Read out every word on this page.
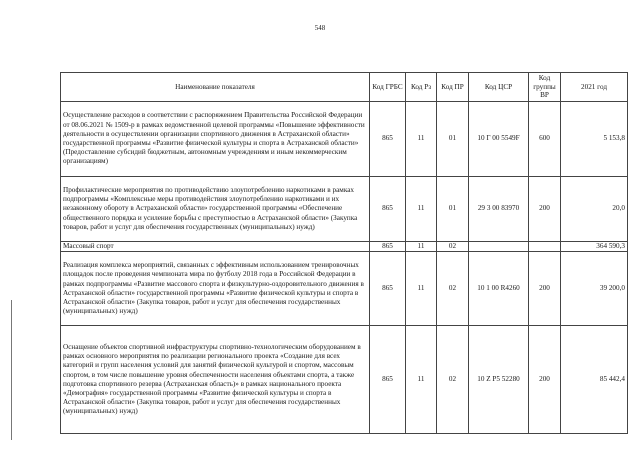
548
Наименование показателя	Код ГРБС	Код Рз	Код ПР	Код ЦСР	Код группы ВР	2021 год
Осуществление расходов в соответствии с распоряжением Правительства Российской Федерации от 08.06.2021 № 1509-р в рамках ведомственной целевой программы «Повышение эффективности деятельности в осуществлении организации спортивного движения в Астраханской области» государственной программы «Развитие физической культуры и спорта в Астраханской области» (Предоставление субсидий бюджетным, автономным учреждениям и иным некоммерческим организациям)	865	11	01	10 Г 00 5549F	600	5 153,8
Профилактические мероприятия по противодействию злоупотреблению наркотиками в рамках подпрограммы «Комплексные меры противодействия злоупотреблению наркотиками и их незаконному обороту в Астраханской области» государственной программы «Обеспечение общественного порядка и усиление борьбы с преступностью в Астраханской области» (Закупка товаров, работ и услуг для обеспечения государственных (муниципальных) нужд)	865	11	01	29 3 00 83970	200	20,0
Массовый спорт	865	11	02			364 590,3
Реализация комплекса мероприятий, связанных с эффективным использованием тренировочных площадок после проведения чемпионата мира по футболу 2018 года в Российской Федерации в рамках подпрограммы «Развитие массового спорта и физкультурно-оздоровительного движения в Астраханской области» государственной программы «Развитие физической культуры и спорта в Астраханской области» (Закупка товаров, работ и услуг для обеспечения государственных (муниципальных) нужд)	865	11	02	10 1 00 R4260	200	39 200,0
Оснащение объектов спортивной инфраструктуры спортивно-технологическим оборудованием в рамках основного мероприятия по реализации регионального проекта «Создание для всех категорий и групп населения условий для занятий физической культурой и спортом, массовым спортом, в том числе повышение уровня обеспеченности населения объектами спорта, а также подготовка спортивного резерва (Астраханская область)» в рамках национального проекта «Демография» государственной программы «Развитие физической культуры и спорта в Астраханской области» (Закупка товаров, работ и услуг для обеспечения государственных (муниципальных) нужд)	865	11	02	10 Z P5 52280	200	85 442,4
